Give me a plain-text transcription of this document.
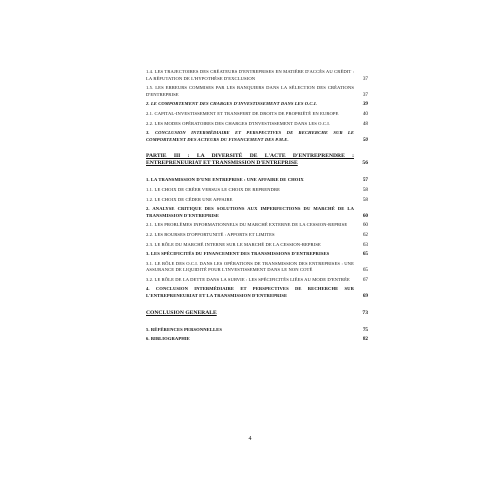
1.4. LES TRAJECTOIRES DES CRÉATEURS D'ENTREPRISES EN MATIÈRE D'ACCÈS AU CRÉDIT : LA RÉFUTATION DE L'HYPOTHÈSE D'EXCLUSION	37
1.5. LES ERREURS COMMISES PAR LES BANQUIERS DANS LA SÉLECTION DES CRÉATIONS D'ENTREPRISE	37
2. LE COMPORTEMENT DES CHARGES D'INVESTISSEMENT DANS LES O.C.I.	39
2.1. CAPITAL-INVESTISSEMENT ET TRANSFERT DE DROITS DE PROPRIÉTÉ EN EUROPE	40
2.2. LES MODES OPÉRATOIRES DES CHARGES D'INVESTISSEMENT DANS LES O.C.I.	48
3. CONCLUSION INTERMÉDIAIRE ET PERSPECTIVES DE RECHERCHE SUR LE COMPORTEMENT DES ACTEURS DU FINANCEMENT DES P.M.E.	50
PARTIE III : LA DIVERSITÉ DE L'ACTE D'ENTREPRENDRE : ENTREPRENEURIAT ET TRANSMISSION D'ENTREPRISE	56
1. LA TRANSMISSION D'UNE ENTREPRISE : UNE AFFAIRE DE CHOIX	57
1.1. LE CHOIX DE CRÉER VERSUS LE CHOIX DE REPRENDRE	58
1.2. LE CHOIX DE CÉDER UNE AFFAIRE	58
2. ANALYSE CRITIQUE DES SOLUTIONS AUX IMPERFECTIONS DU MARCHÉ DE LA TRANSMISSION D'ENTREPRISE	60
2.1. LES PROBLÈMES INFORMATIONNELS DU MARCHÉ EXTERNE DE LA CESSION-REPRISE	60
2.2. LES BOURSES D'OPPORTUNITÉ : APPORTS ET LIMITES	62
2.3. LE RÔLE DU MARCHÉ INTERNE SUR LE MARCHÉ DE LA CESSION-REPRISE	63
3. LES SPÉCIFICITÉS DU FINANCEMENT DES TRANSMISSIONS D'ENTREPRISES	65
3.1. LE RÔLE DES O.C.I. DANS LES OPÉRATIONS DE TRANSMISSION DES ENTREPRISES : UNE ASSURANCE DE LIQUIDITÉ POUR L'INVESTISSEMENT DANS LE NON COTÉ	65
3.2. LE RÔLE DE LA DETTE DANS LA SURVIE : LES SPÉCIFICITÉS LIÉES AU MODE D'ENTRÉE	67
4. CONCLUSION INTERMÉDIAIRE ET PERSPECTIVES DE RECHERCHE SUR L'ENTREPRENEURIAT ET LA TRANSMISSION D'ENTREPRISE	69
CONCLUSION GENERALE	73
5. RÉFÉRENCES PERSONNELLES	75
6. BIBLIOGRAPHIE	82
4
